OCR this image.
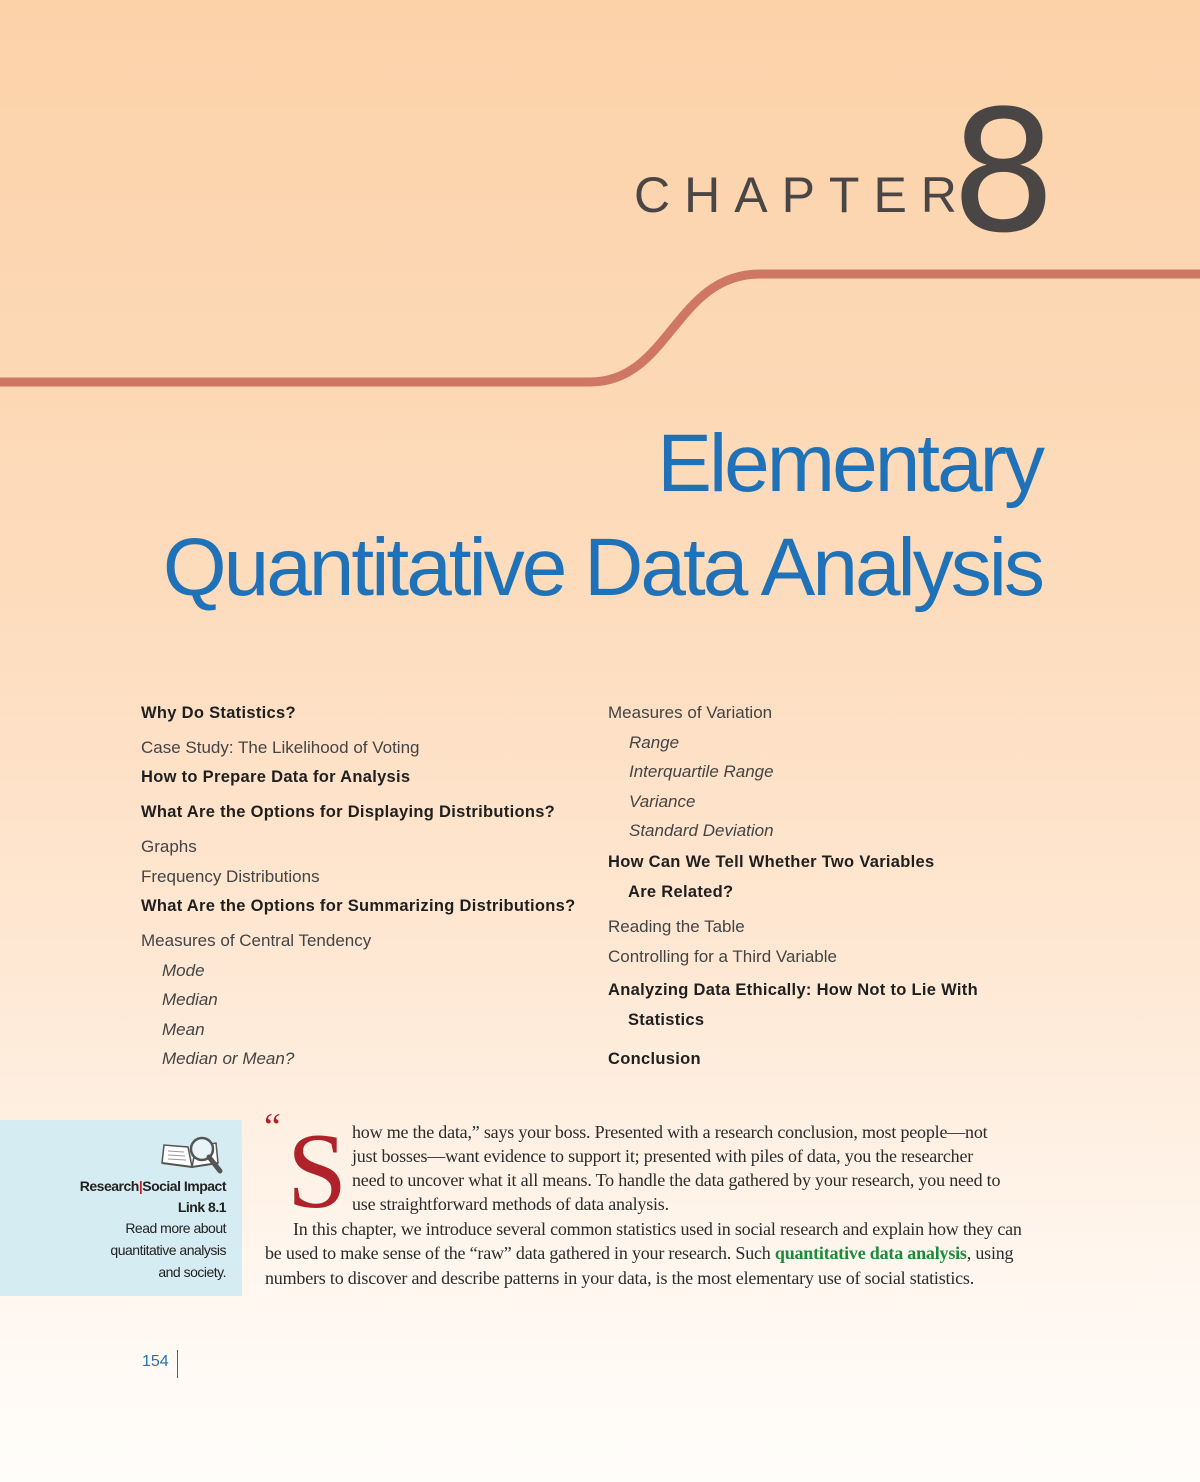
CHAPTER
8
Elementary
Quantitative Data Analysis
Why Do Statistics?
Case Study: The Likelihood of Voting
How to Prepare Data for Analysis
What Are the Options for Displaying Distributions?
Graphs
Frequency Distributions
What Are the Options for Summarizing Distributions?
Measures of Central Tendency
Mode
Median
Mean
Median or Mean?
Measures of Variation
Range
Interquartile Range
Variance
Standard Deviation
How Can We Tell Whether Two Variables
Are Related?
Reading the Table
Controlling for a Third Variable
Analyzing Data Ethically: How Not to Lie With
Statistics
Conclusion
Research|Social Impact
Link 8.1
Read more about
quantitative analysis
and society.
“ S how me the data,” says your boss. Presented with a research conclusion, most people—not
just bosses—want evidence to support it; presented with piles of data, you the researcher
need to uncover what it all means. To handle the data gathered by your research, you need to
use straightforward methods of data analysis.
In this chapter, we introduce several common statistics used in social research and explain how they can
be used to make sense of the “raw” data gathered in your research. Such quantitative data analysis, using
numbers to discover and describe patterns in your data, is the most elementary use of social statistics.
154
